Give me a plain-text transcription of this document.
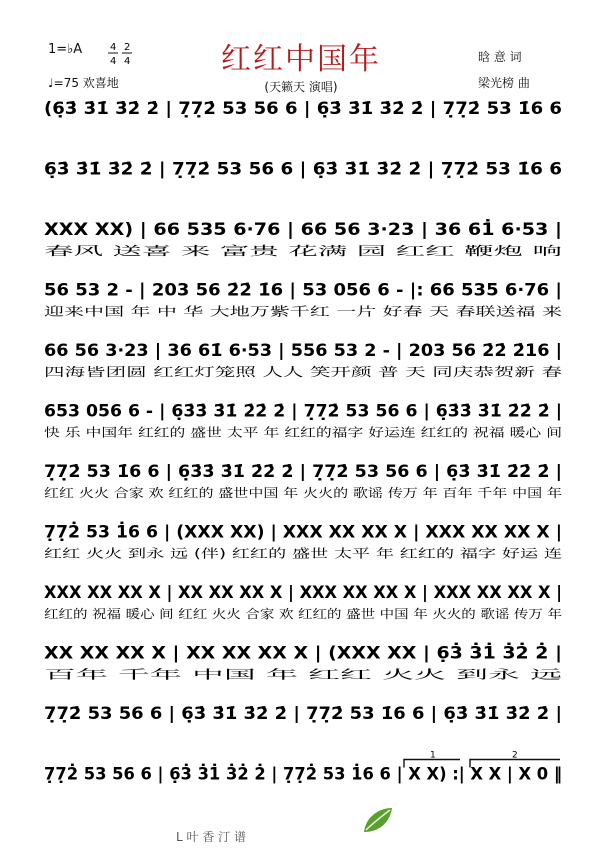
1=♭A	4
4
2
4
♩=75 欢喜地
红红中国年
(天籁天 演唱)
晗 意 词
梁光榜 曲
(6̣3̇ 3̇1̇ 3̇2̇ 2̇ | 7̣7̣2̇ 53 56 6 | 6̣3̇ 3̇1̇ 3̇2̇ 2̇ | 7̣7̣2̇ 53 1̇6 6
6̣3̇ 3̇1̇ 3̇2̇ 2̇ | 7̣7̣2̇ 53 56 6 | 6̣3̇ 3̇1̇ 3̇2̇ 2̇ | 7̣7̣2̇ 53 1̇6 6
XXX XX) | 66 535 6·76 | 66 56 3·23 | 36 61̇ 6·53 |
春风 送喜 来 富贵 花满 园 红红 鞭炮 响
56 53 2 - | 203 56 2̇2̇ 1̇6 | 53 056 6 - |: 66 535 6·76 |
迎来中国 年 中 华 大地万紫千红 一片 好春 天 春联送福 来
66 56 3·23 | 36 61̇ 6·53 | 556 53 2 - | 203 56 2̇2̇ 2̇16 |
四海皆团圆 红红灯笼照 人人 笑开颜 普 天 同庆恭贺新 春
653 056 6 - | 6̣3̇3̇ 3̇1̇ 2̇2̇ 2̇ | 7̣7̣2̇ 53 56 6 | 6̣3̇3̇ 3̇1̇ 2̇2̇ 2̇ |
快 乐 中国年 红红的 盛世 太平 年 红红的福字 好运连 红红的 祝福 暖心 间
7̣7̣2̇ 53 1̇6 6 | 6̣3̇3̇ 3̇1̇ 2̇2̇ 2̇ | 7̣7̣2̇ 53 56 6 | 6̣3̇ 3̇1̇ 2̇2̇ 2̇ |
红红 火火 合家 欢 红红的 盛世中国 年 火火的 歌谣 传万 年 百年 千年 中国 年
7̣7̣2̇ 53 1̇6 6 | (XXX XX) | XXX XX XX X | XXX XX XX X |
红红 火火 到永 远 (伴) 红红的 盛世 太平 年 红红的 福字 好运 连
XXX XX XX X | XX XX XX X | XXX XX XX X | XXX XX XX X |
红红的 祝福 暖心 间 红红 火火 合家 欢 红红的 盛世 中国 年 火火的 歌谣 传万 年
XX XX XX X | XX XX XX X | (XXX XX | 6̣3̇ 3̇1̇ 3̇2̇ 2̇ |
百年 千年 中国 年 红红 火火 到永 远
7̣7̣2̇ 53 56 6 | 6̣3̇ 3̇1̇ 3̇2̇ 2̇ | 7̣7̣2̇ 53 1̇6 6 | 6̣3̇ 3̇1̇ 3̇2̇ 2̇ |
7̣7̣2̇ 53 56 6 | 6̣3̇ 3̇1̇ 3̇2̇ 2̇ | 7̣7̣2̇ 53 1̇6 6 | X X) :| X X | X 0 ‖
1	2
L 叶 香 汀 谱
